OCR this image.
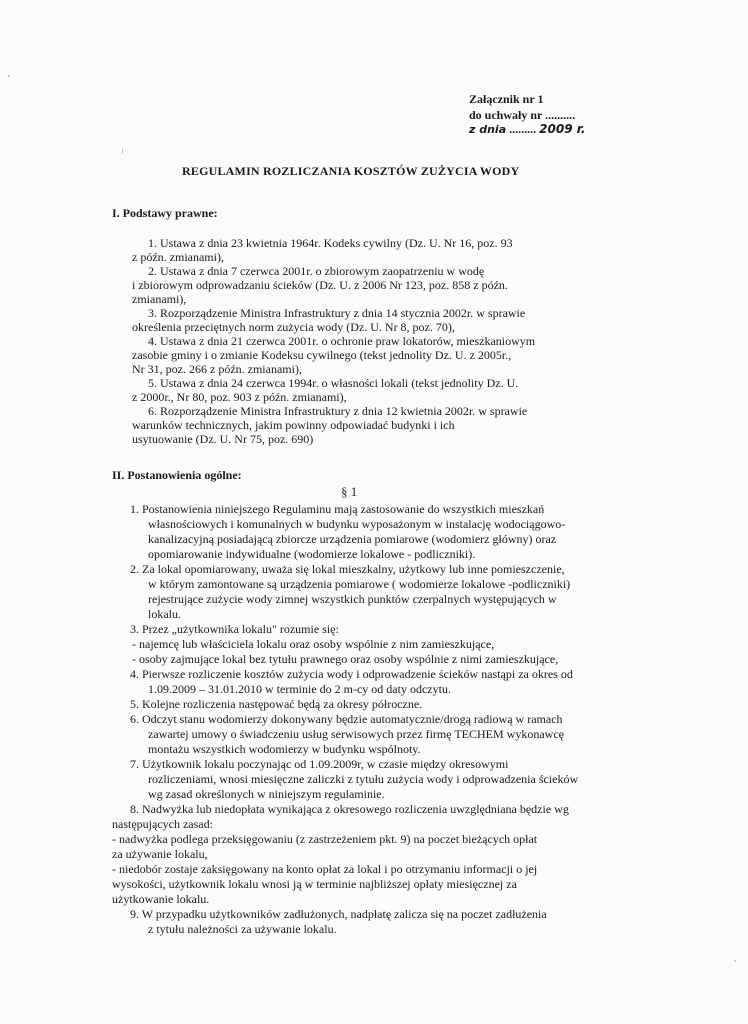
Załącznik nr 1
do uchwały nr ..........
z dnia ......... 2009 r.
REGULAMIN ROZLICZANIA KOSZTÓW ZUŻYCIA WODY
I. Podstawy prawne:
1. Ustawa z dnia 23 kwietnia 1964r. Kodeks cywilny (Dz. U. Nr 16, poz. 93
z późn. zmianami),
2. Ustawa z dnia 7 czerwca 2001r. o zbiorowym zaopatrzeniu w wodę
i zbiorowym odprowadzaniu ścieków (Dz. U. z 2006 Nr 123, poz. 858 z późn.
zmianami),
3. Rozporządzenie Ministra Infrastruktury z dnia 14 stycznia 2002r. w sprawie
określenia przeciętnych norm zużycia wody (Dz. U. Nr 8, poz. 70),
4. Ustawa z dnia 21 czerwca 2001r. o ochronie praw lokatorów, mieszkaniowym
zasobie gminy i o zmianie Kodeksu cywilnego (tekst jednolity Dz. U. z 2005r.,
Nr 31, poz. 266 z późn. zmianami),
5. Ustawa z dnia 24 czerwca 1994r. o własności lokali (tekst jednolity Dz. U.
z 2000r., Nr 80, poz. 903 z późn. zmianami),
6. Rozporządzenie Ministra Infrastruktury z dnia 12 kwietnia 2002r. w sprawie
warunków technicznych, jakim powinny odpowiadać budynki i ich
usytuowanie (Dz. U. Nr 75, poz. 690)
II. Postanowienia ogólne:
§ 1
1. Postanowienia niniejszego Regulaminu mają zastosowanie do wszystkich mieszkań
własnościowych i komunalnych w budynku wyposażonym w instalację wodociągowo-
kanalizacyjną posiadającą zbiorcze urządzenia pomiarowe (wodomierz główny) oraz
opomiarowanie indywidualne (wodomierze lokalowe - podliczniki).
2. Za lokal opomiarowany, uważa się lokal mieszkalny, użytkowy lub inne pomieszczenie,
w którym zamontowane są urządzenia pomiarowe ( wodomierze lokalowe -podliczniki)
rejestrujące zużycie wody zimnej wszystkich punktów czerpalnych występujących w
lokalu.
3. Przez „użytkownika lokalu" rozumie się:
- najemcę lub właściciela lokalu oraz osoby wspólnie z nim zamieszkujące,
- osoby zajmujące lokal bez tytułu prawnego oraz osoby wspólnie z nimi zamieszkujące,
4. Pierwsze rozliczenie kosztów zużycia wody i odprowadzenie ścieków nastąpi za okres od
1.09.2009 – 31.01.2010 w terminie do 2 m-cy od daty odczytu.
5. Kolejne rozliczenia następować będą za okresy półroczne.
6. Odczyt stanu wodomierzy dokonywany będzie automatycznie/drogą radiową w ramach
zawartej umowy o świadczeniu usług serwisowych przez firmę TECHEM wykonawcę
montażu wszystkich wodomierzy w budynku wspólnoty.
7. Użytkownik lokalu poczynając od 1.09.2009r, w czasie między okresowymi
rozliczeniami, wnosi miesięczne zaliczki z tytułu zużycia wody i odprowadzenia ścieków
wg zasad określonych w niniejszym regulaminie.
8. Nadwyżka lub niedopłata wynikająca z okresowego rozliczenia uwzględniana będzie wg
następujących zasad:
- nadwyżka podlega przeksięgowaniu (z zastrzeżeniem pkt. 9) na poczet bieżących opłat
za używanie lokalu,
- niedobór zostaje zaksięgowany na konto opłat za lokal i po otrzymaniu informacji o jej
wysokości, użytkownik lokalu wnosi ją w terminie najbliższej opłaty miesięcznej za
użytkowanie lokalu.
9. W przypadku użytkowników zadłużonych, nadpłatę zalicza się na poczet zadłużenia
z tytułu należności za używanie lokalu.
